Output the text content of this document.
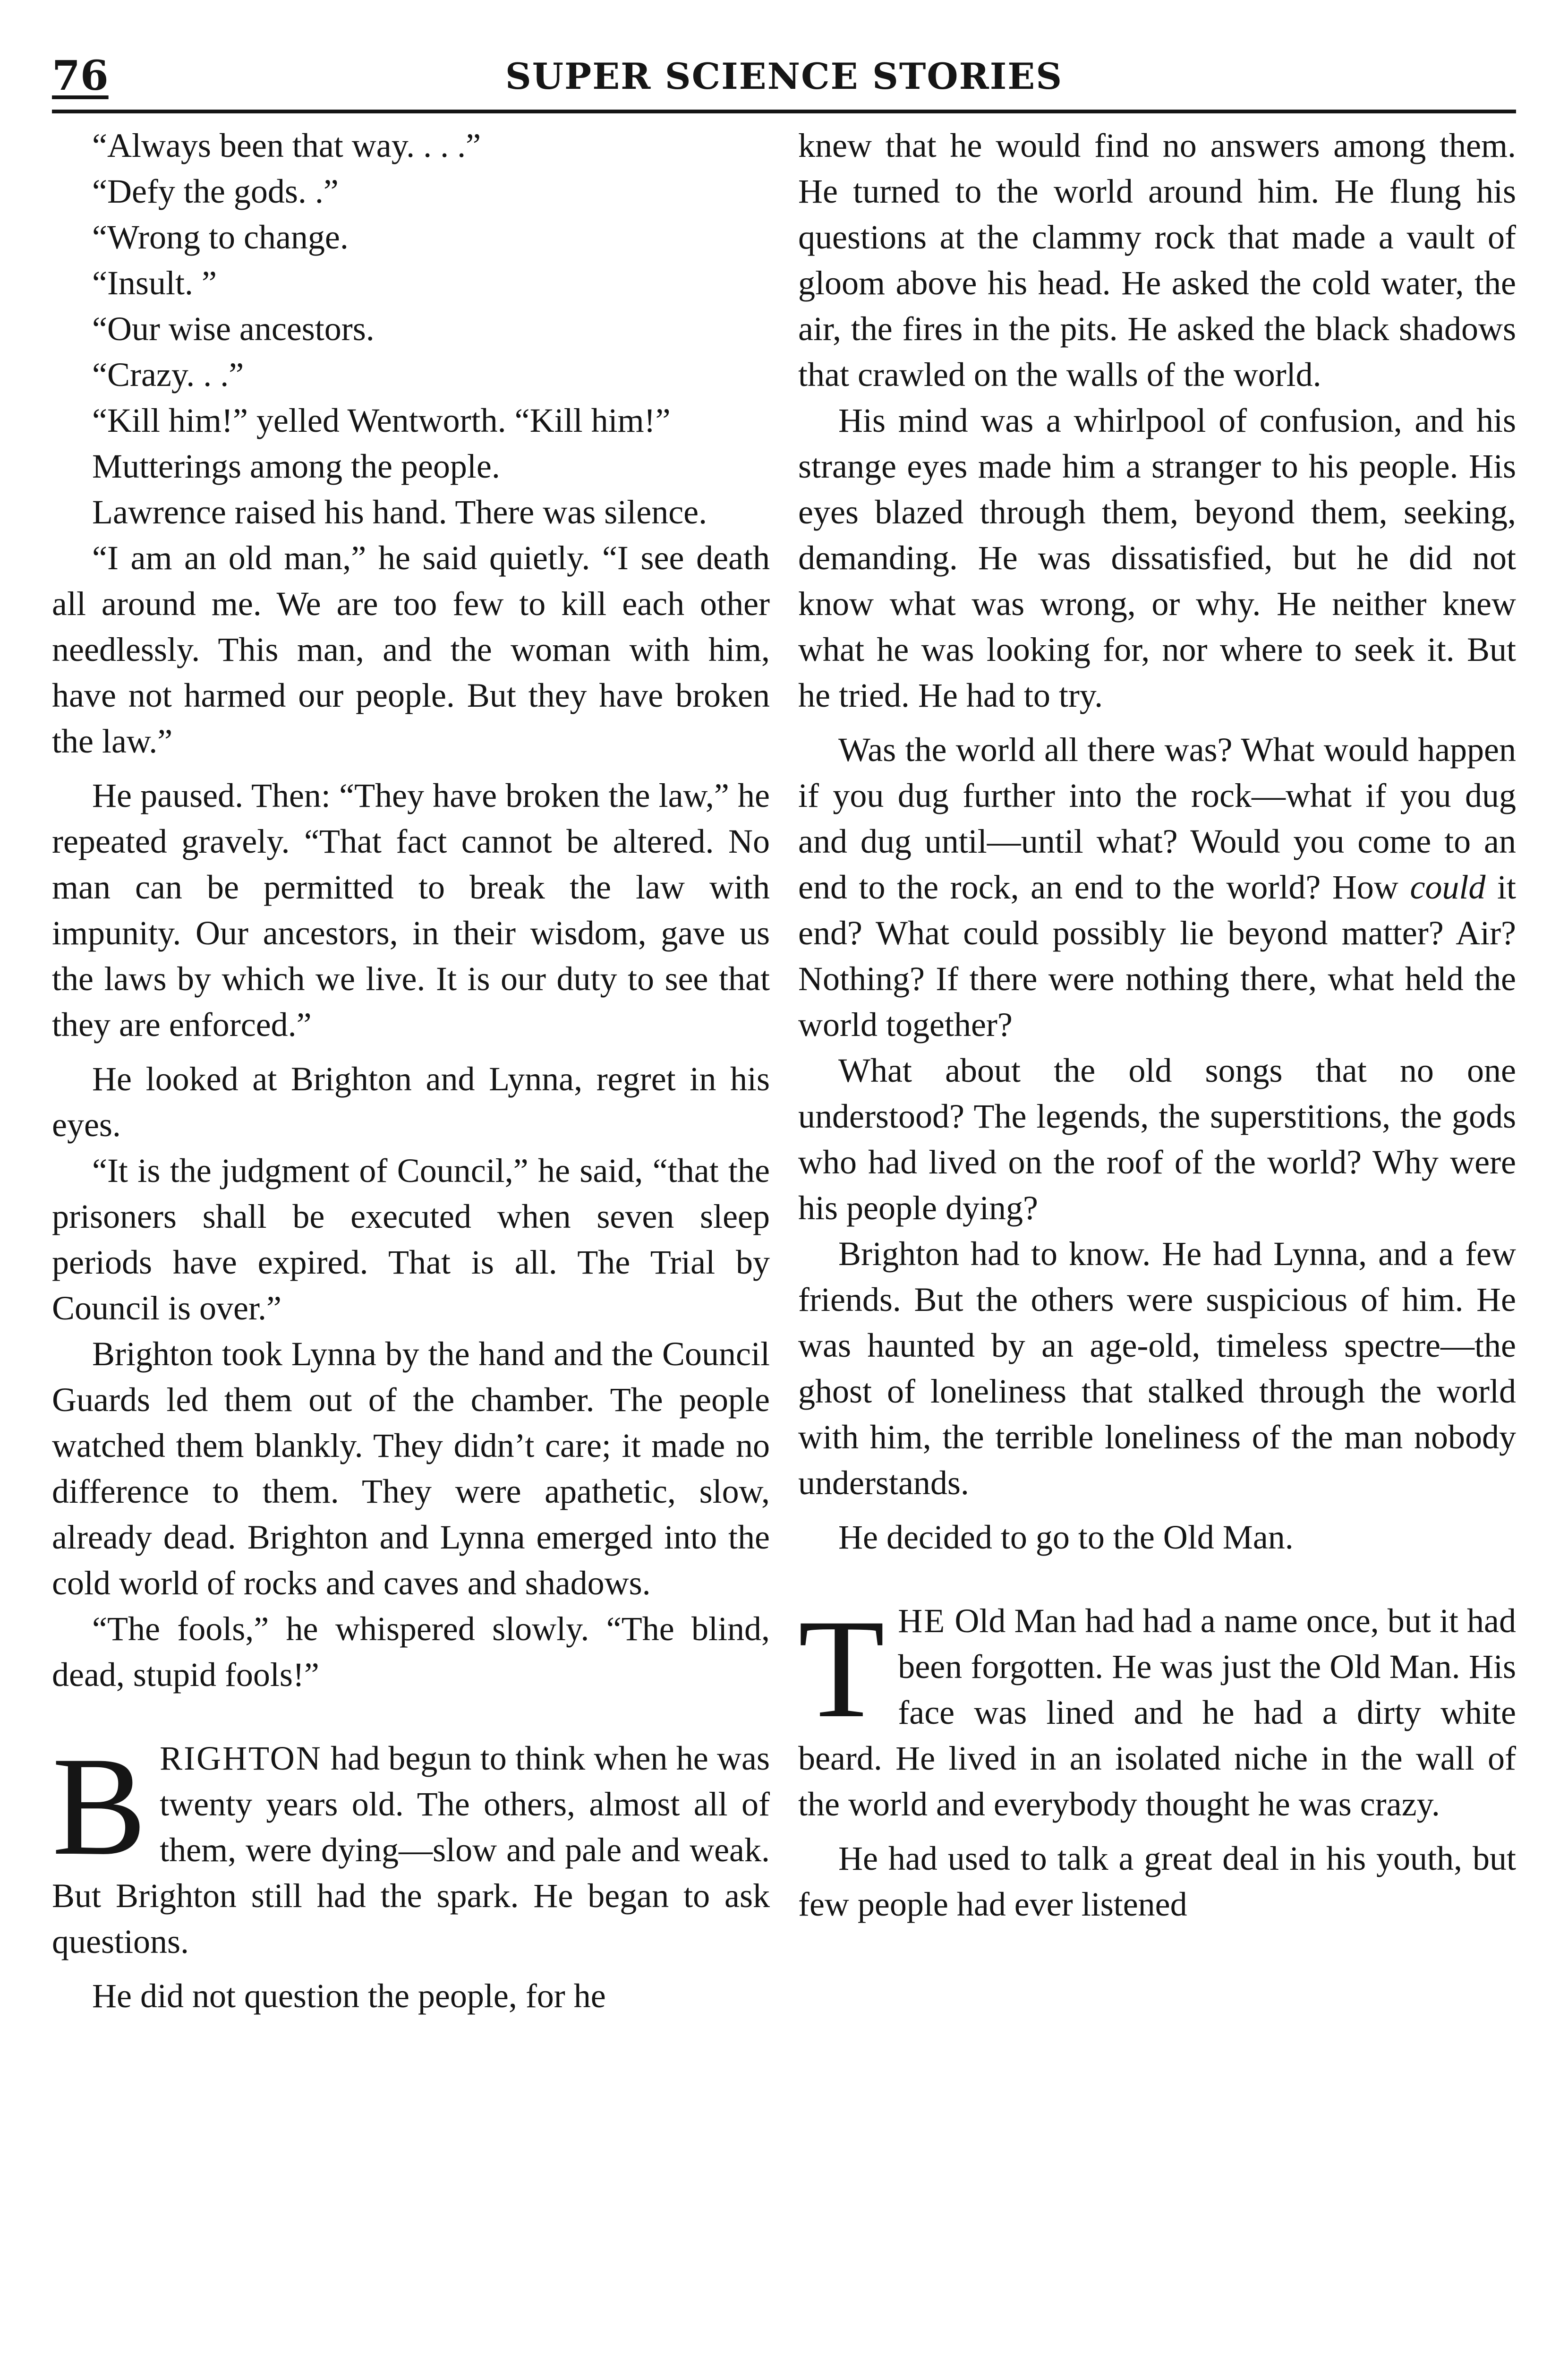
76	SUPER SCIENCE STORIES

“Always been that way. . . .”

“Defy the gods. .”

“Wrong to change.

“Insult. ”

“Our wise ancestors.

“Crazy. . .”

“Kill him!” yelled Wentworth. “Kill him!”

Mutterings among the people.

Lawrence raised his hand. There was silence.

“I am an old man,” he said quietly. “I see death all around me. We are too few to kill each other needlessly. This man, and the woman with him, have not harmed our people. But they have broken the law.”

He paused. Then: “They have broken the law,” he repeated gravely. “That fact cannot be altered. No man can be permitted to break the law with impunity. Our ancestors, in their wisdom, gave us the laws by which we live. It is our duty to see that they are enforced.”

He looked at Brighton and Lynna, regret in his eyes.

“It is the judgment of Council,” he said, “that the prisoners shall be executed when seven sleep periods have expired. That is all. The Trial by Council is over.”

Brighton took Lynna by the hand and the Council Guards led them out of the chamber. The people watched them blankly. They didn’t care; it made no difference to them. They were apathetic, slow, already dead. Brighton and Lynna emerged into the cold world of rocks and caves and shadows.

“The fools,” he whispered slowly. “The blind, dead, stupid fools!”

B RIGHTON had begun to think when he was twenty years old. The others, almost all of them, were dying—slow and pale and weak. But Brighton still had the spark. He began to ask questions.

He did not question the people, for he

knew that he would find no answers among them. He turned to the world around him. He flung his questions at the clammy rock that made a vault of gloom above his head. He asked the cold water, the air, the fires in the pits. He asked the black shadows that crawled on the walls of the world.

His mind was a whirlpool of confusion, and his strange eyes made him a stranger to his people. His eyes blazed through them, beyond them, seeking, demanding. He was dissatisfied, but he did not know what was wrong, or why. He neither knew what he was looking for, nor where to seek it. But he tried. He had to try.

Was the world all there was? What would happen if you dug further into the rock—what if you dug and dug until—until what? Would you come to an end to the rock, an end to the world? How could it end? What could possibly lie beyond matter? Air? Nothing? If there were nothing there, what held the world together?

What about the old songs that no one understood? The legends, the superstitions, the gods who had lived on the roof of the world? Why were his people dying?

Brighton had to know. He had Lynna, and a few friends. But the others were suspicious of him. He was haunted by an age-old, timeless spectre—the ghost of loneliness that stalked through the world with him, the terrible loneliness of the man nobody understands.

He decided to go to the Old Man.

T HE Old Man had had a name once, but it had been forgotten. He was just the Old Man. His face was lined and he had a dirty white beard. He lived in an isolated niche in the wall of the world and everybody thought he was crazy.

He had used to talk a great deal in his youth, but few people had ever listened
